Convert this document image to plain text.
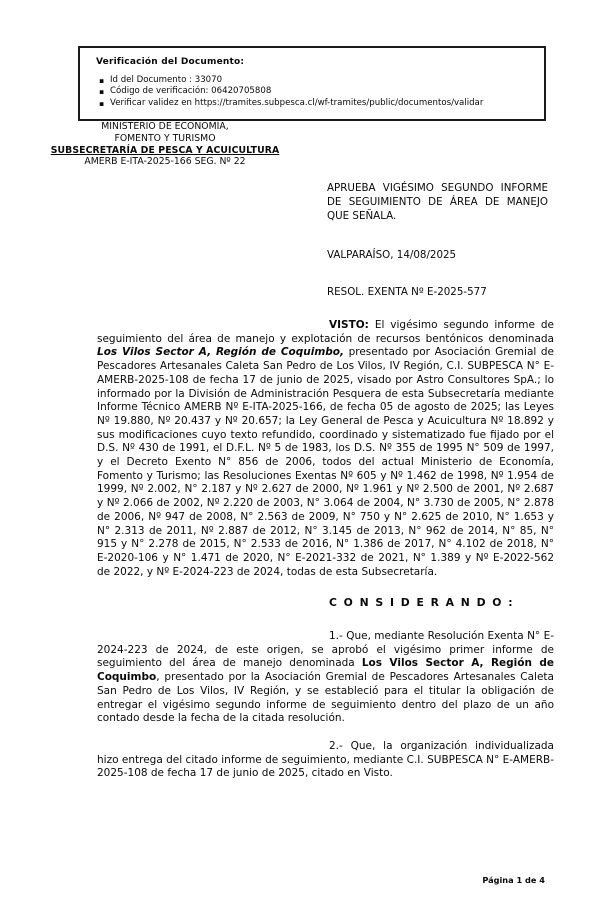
Verificación del Documento:
▪ Id del Documento : 33070
▪ Código de verificación: 06420705808
▪ Verificar validez en https://tramites.subpesca.cl/wf-tramites/public/documentos/validar
MINISTERIO DE ECONOMÍA,
FOMENTO Y TURISMO
SUBSECRETARÍA DE PESCA Y ACUICULTURA
AMERB E-ITA-2025-166 SEG. Nº 22
APRUEBA VIGÉSIMO SEGUNDO INFORME DE SEGUIMIENTO DE ÁREA DE MANEJO QUE SEÑALA.
VALPARAÍSO, 14/08/2025
RESOL. EXENTA Nº E-2025-577

VISTO: El vigésimo segundo informe de seguimiento del área de manejo y explotación de recursos bentónicos denominada Los Vilos Sector A, Región de Coquimbo, presentado por Asociación Gremial de Pescadores Artesanales Caleta San Pedro de Los Vilos, IV Región, C.I. SUBPESCA N° E-AMERB-2025-108 de fecha 17 de junio de 2025, visado por Astro Consultores SpA.; lo informado por la División de Administración Pesquera de esta Subsecretaría mediante Informe Técnico AMERB Nº E-ITA-2025-166, de fecha 05 de agosto de 2025; las Leyes Nº 19.880, Nº 20.437 y Nº 20.657; la Ley General de Pesca y Acuicultura Nº 18.892 y sus modificaciones cuyo texto refundido, coordinado y sistematizado fue fijado por el D.S. Nº 430 de 1991, el D.F.L. Nº 5 de 1983, los D.S. Nº 355 de 1995 N° 509 de 1997, y el Decreto Exento N° 856 de 2006, todos del actual Ministerio de Economía, Fomento y Turismo; las Resoluciones Exentas Nº 605 y Nº 1.462 de 1998, Nº 1.954 de 1999, Nº 2.002, N° 2.187 y Nº 2.627 de 2000, Nº 1.961 y Nº 2.500 de 2001, Nº 2.687 y Nº 2.066 de 2002, Nº 2.220 de 2003, N° 3.064 de 2004, N° 3.730 de 2005, N° 2.878 de 2006, Nº 947 de 2008, N° 2.563 de 2009, N° 750 y N° 2.625 de 2010, N° 1.653 y N° 2.313 de 2011, Nº 2.887 de 2012, N° 3.145 de 2013, N° 962 de 2014, N° 85, N° 915 y N° 2.278 de 2015, N° 2.533 de 2016, N° 1.386 de 2017, N° 4.102 de 2018, N° E-2020-106 y N° 1.471 de 2020, N° E-2021-332 de 2021, N° 1.389 y Nº E-2022-562 de 2022, y Nº E-2024-223 de 2024, todas de esta Subsecretaría.

C O N S I D E R A N D O :

1.- Que, mediante Resolución Exenta N° E-2024-223 de 2024, de este origen, se aprobó el vigésimo primer informe de seguimiento del área de manejo denominada Los Vilos Sector A, Región de Coquimbo, presentado por la Asociación Gremial de Pescadores Artesanales Caleta San Pedro de Los Vilos, IV Región, y se estableció para el titular la obligación de entregar el vigésimo segundo informe de seguimiento dentro del plazo de un año contado desde la fecha de la citada resolución.

2.- Que, la organización individualizada hizo entrega del citado informe de seguimiento, mediante C.I. SUBPESCA N° E-AMERB-2025-108 de fecha 17 de junio de 2025, citado en Visto.

Página 1 de 4
